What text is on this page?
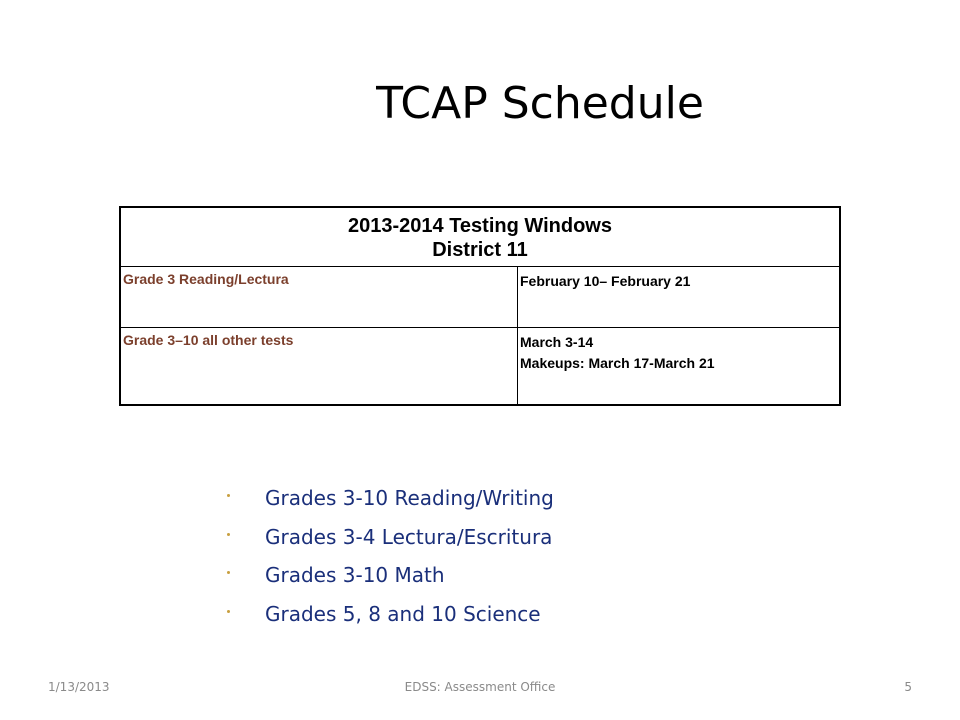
TCAP Schedule
2013-2014 Testing Windows
District 11	

Grade 3 Reading/Lectura	February 10– February 21

Grade 3–10 all other tests	March 3-14
Makeups: March 17-March 21
Grades 3-10 Reading/Writing
Grades 3-4 Lectura/Escritura
Grades 3-10 Math
Grades 5, 8 and 10 Science
1/13/2013	EDSS: Assessment Office	5
